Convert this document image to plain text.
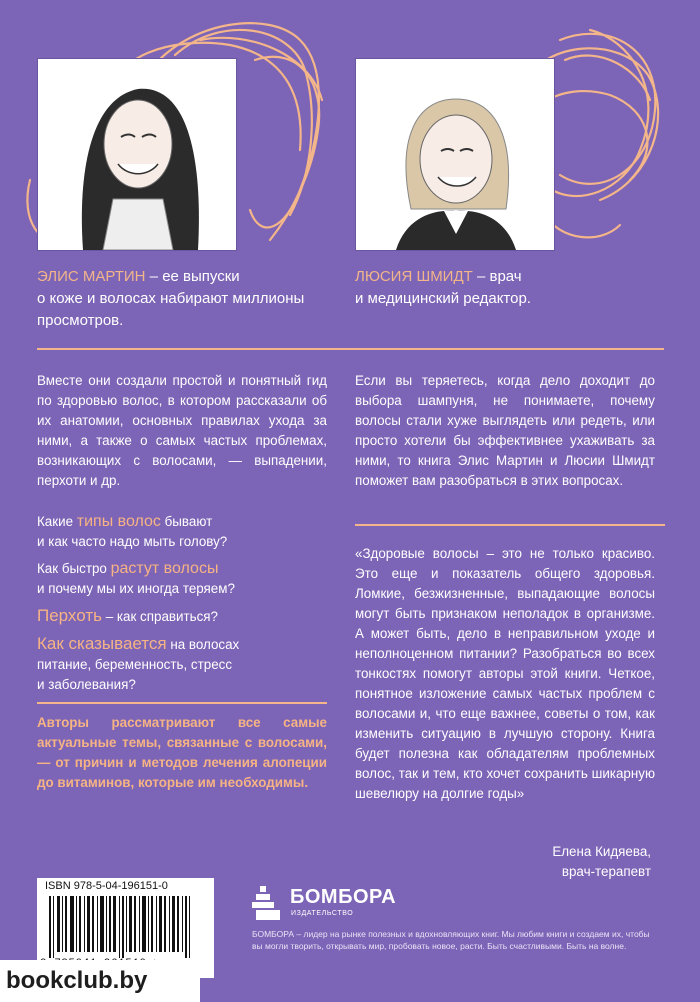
ЭЛИС МАРТИН – ее выпуски
о коже и волосах набирают миллионы
просмотров.
ЛЮСИЯ ШМИДТ – врач
и медицинский редактор.
Вместе они создали простой и понятный гид по здоровью волос, в котором рассказали об их анатомии, основных правилах ухода за ними, а также о самых частых проблемах, возникающих с волосами, — выпадении, перхоти и др.
Какие типы волос бывают
и как часто надо мыть голову?
Как быстро растут волосы
и почему мы их иногда теряем?
Перхоть – как справиться?
Как сказывается на волосах
питание, беременность, стресс
и заболевания?
Авторы рассматривают все самые актуальные темы, связанные с волосами, — от причин и методов лечения алопеции до витаминов, которые им необходимы.
Если вы теряетесь, когда дело доходит до выбора шампуня, не понимаете, почему волосы стали хуже выглядеть или редеть, или просто хотели бы эффективнее ухаживать за ними, то книга Элис Мартин и Люсии Шмидт поможет вам разобраться в этих вопросах.
«Здоровые волосы – это не только красиво. Это еще и показатель общего здоровья. Ломкие, безжизненные, выпадающие волосы могут быть признаком неполадок в организме. А может быть, дело в неправильном уходе и неполноценном питании? Разобраться во всех тонкостях помогут авторы этой книги. Четкое, понятное изложение самых частых проблем с волосами и, что еще важнее, советы о том, как изменить ситуацию в лучшую сторону. Книга будет полезна как обладателям проблемных волос, так и тем, кто хочет сохранить шикарную шевелюру на долгие годы»
Елена Кидяева,
врач-терапевт
ISBN 978-5-04-196151-0	БОМБОРА
ИЗДАТЕЛЬСТВО
БОМБОРА – лидер на рынке полезных и вдохновляющих книг. Мы любим книги и создаем их, чтобы вы могли творить, открывать мир, пробовать новое, расти. Быть счастливыми. Быть на волне.
bookclub.by
